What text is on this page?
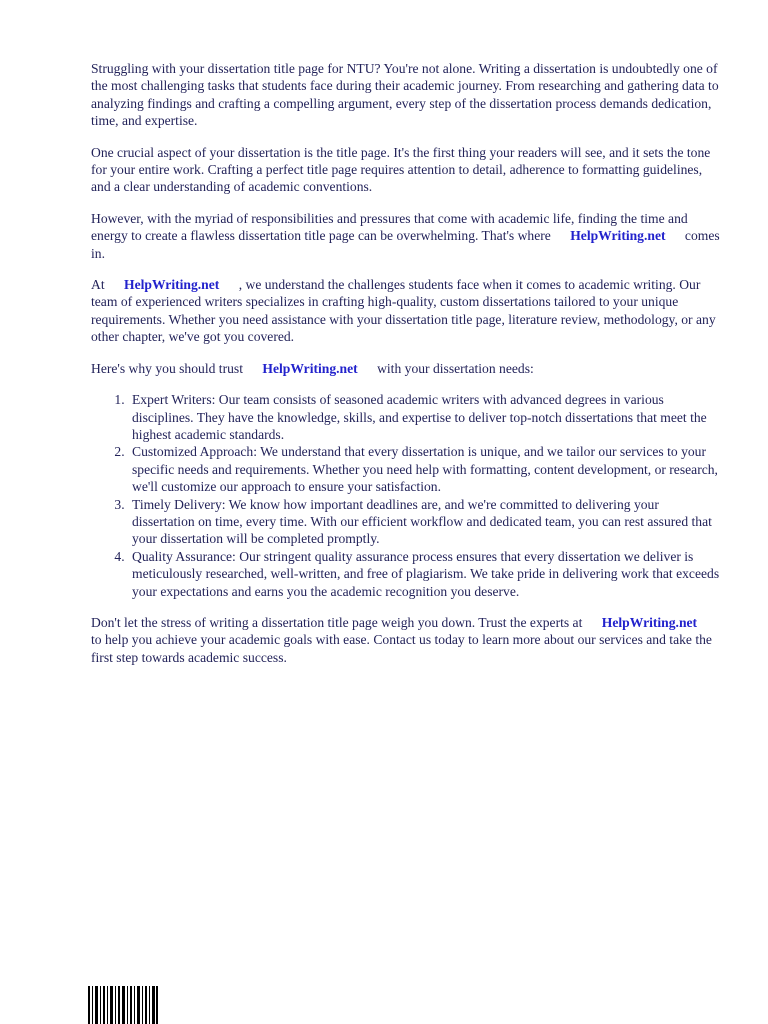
Struggling with your dissertation title page for NTU? You're not alone. Writing a dissertation is undoubtedly one of the most challenging tasks that students face during their academic journey. From researching and gathering data to analyzing findings and crafting a compelling argument, every step of the dissertation process demands dedication, time, and expertise.

One crucial aspect of your dissertation is the title page. It's the first thing your readers will see, and it sets the tone for your entire work. Crafting a perfect title page requires attention to detail, adherence to formatting guidelines, and a clear understanding of academic conventions.

However, with the myriad of responsibilities and pressures that come with academic life, finding the time and energy to create a flawless dissertation title page can be overwhelming. That's where HelpWriting.net comes in.

At HelpWriting.net , we understand the challenges students face when it comes to academic writing. Our team of experienced writers specializes in crafting high-quality, custom dissertations tailored to your unique requirements. Whether you need assistance with your dissertation title page, literature review, methodology, or any other chapter, we've got you covered.

Here's why you should trust HelpWriting.net with your dissertation needs:

1. Expert Writers: Our team consists of seasoned academic writers with advanced degrees in various disciplines. They have the knowledge, skills, and expertise to deliver top-notch dissertations that meet the highest academic standards.
2. Customized Approach: We understand that every dissertation is unique, and we tailor our services to your specific needs and requirements. Whether you need help with formatting, content development, or research, we'll customize our approach to ensure your satisfaction.
3. Timely Delivery: We know how important deadlines are, and we're committed to delivering your dissertation on time, every time. With our efficient workflow and dedicated team, you can rest assured that your dissertation will be completed promptly.
4. Quality Assurance: Our stringent quality assurance process ensures that every dissertation we deliver is meticulously researched, well-written, and free of plagiarism. We take pride in delivering work that exceeds your expectations and earns you the academic recognition you deserve.

Don't let the stress of writing a dissertation title page weigh you down. Trust the experts at HelpWriting.net to help you achieve your academic goals with ease. Contact us today to learn more about our services and take the first step towards academic success.
